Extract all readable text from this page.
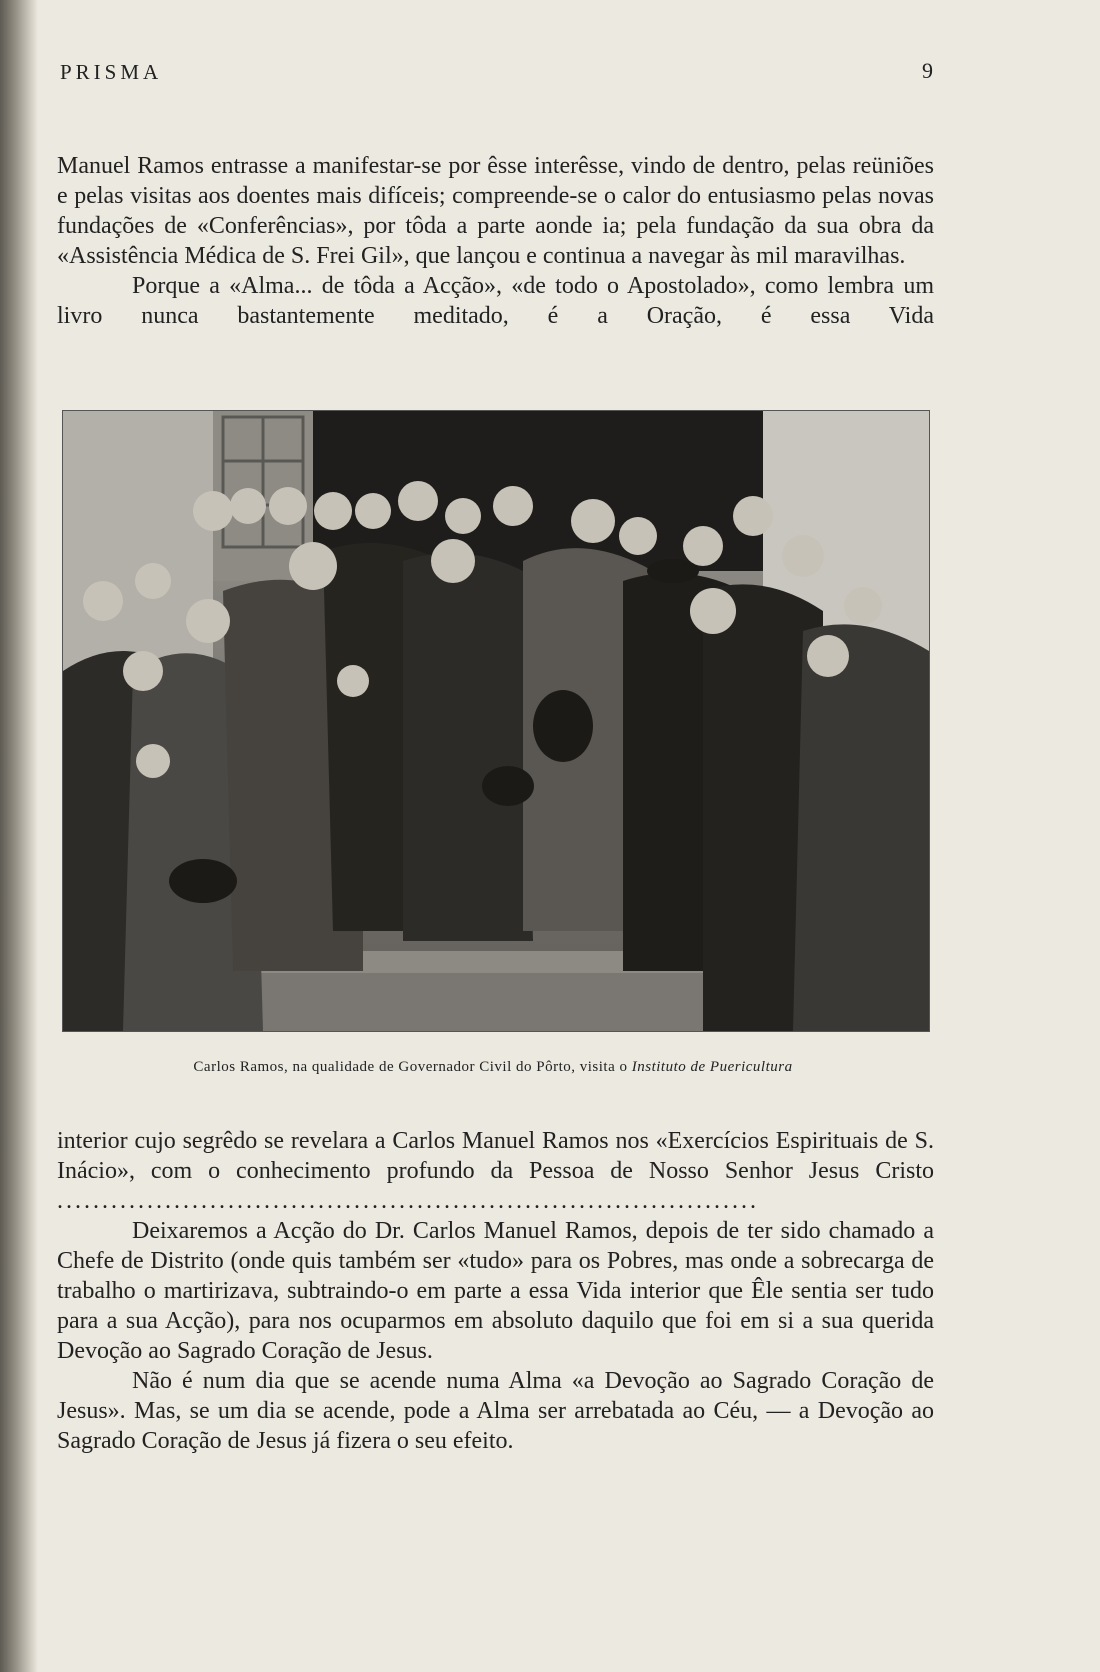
PRISMA	9

Manuel Ramos entrasse a manifestar-se por êsse interêsse, vindo de dentro, pelas reüniões e pelas visitas aos doentes mais difíceis; compreende-se o calor do entusiasmo pelas novas fundações de «Conferências», por tôda a parte aonde ia; pela fundação da sua obra da «Assistência Médica de S. Frei Gil», que lançou e continua a navegar às mil maravilhas.

Porque a «Alma... de tôda a Acção», «de todo o Apostolado», como lembra um livro nunca bastantemente meditado, é a Oração, é essa Vida

Carlos Ramos, na qualidade de Governador Civil do Pôrto, visita o Instituto de Puericultura

interior cujo segrêdo se revelara a Carlos Manuel Ramos nos «Exercícios Espirituais de S. Inácio», com o conhecimento profundo da Pessoa de Nosso Senhor Jesus Cristo..............................................................................

Deixaremos a Acção do Dr. Carlos Manuel Ramos, depois de ter sido chamado a Chefe de Distrito (onde quis também ser «tudo» para os Pobres, mas onde a sobrecarga de trabalho o martirizava, subtraindo-o em parte a essa Vida interior que Êle sentia ser tudo para a sua Acção), para nos ocuparmos em absoluto daquilo que foi em si a sua querida Devoção ao Sagrado Coração de Jesus.

Não é num dia que se acende numa Alma «a Devoção ao Sagrado Coração de Jesus». Mas, se um dia se acende, pode a Alma ser arrebatada ao Céu, — a Devoção ao Sagrado Coração de Jesus já fizera o seu efeito.
